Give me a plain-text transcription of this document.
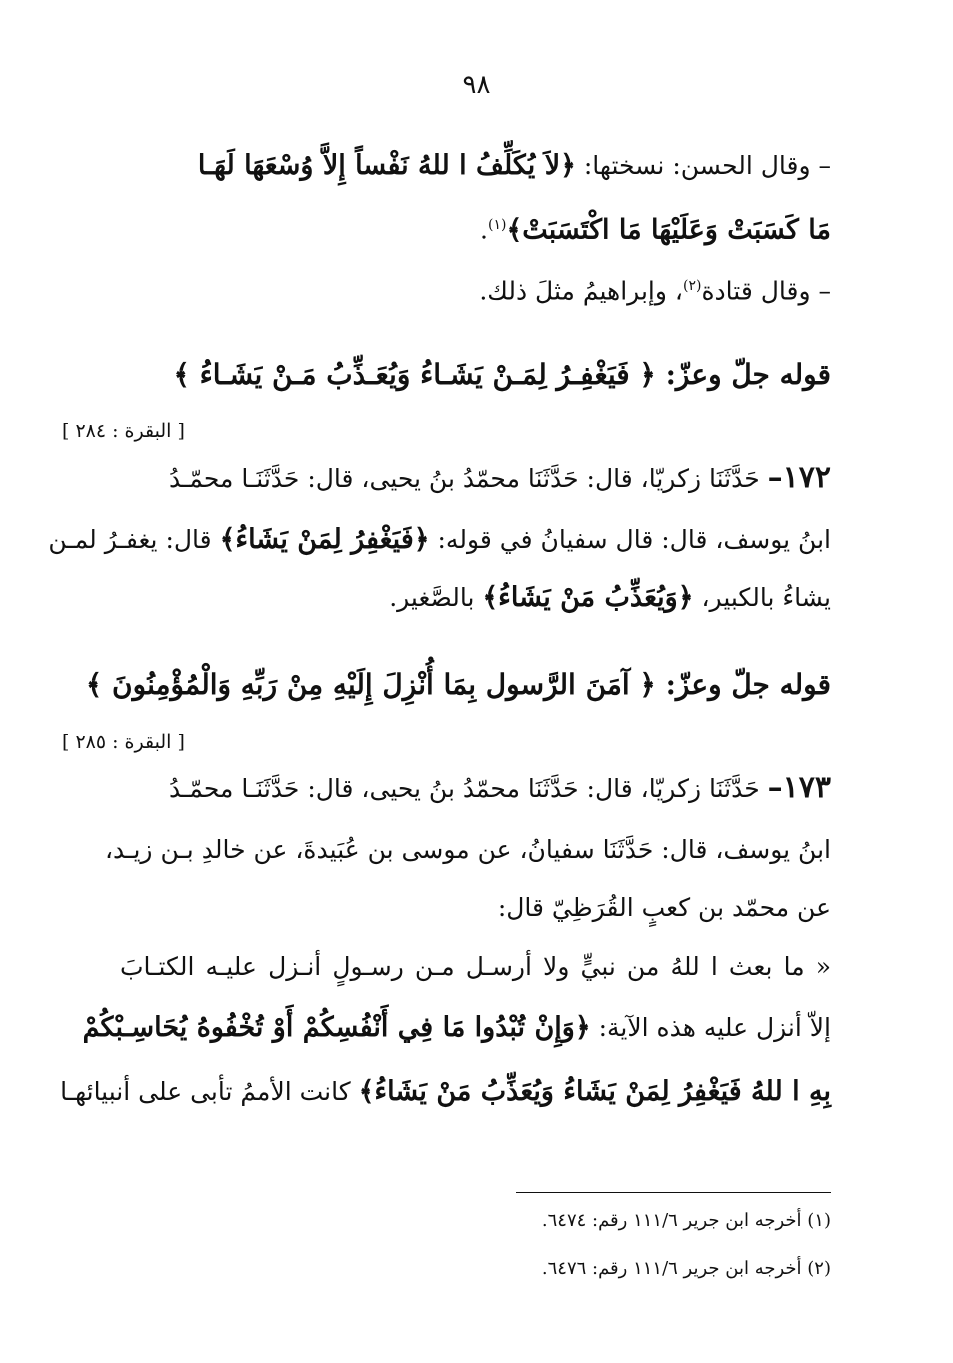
٩٨
– وقال الحسن: نسختها: ﴿لاَ يُكَلِّفُ ا للهُ نَفْساً إِلاَّ وُسْعَهَا لَهَـا
مَا كَسَبَتْ وَعَلَيْهَا مَا اكْتَسَبَتْ﴾$^{(١)}$.
– وقال قتادة$^{(٢)}$، وإبراهيمُ مثلَ ذلك.
قوله جلّ وعزّ: ﴿ فَيَغْفِـرُ لِمَـنْ يَشَـاءُ وَيُعَـذِّبُ مَـنْ يَشَـاءُ ﴾
[ البقرة : ٢٨٤ ]
١٧٢– حَدَّثَنَا زكريّا، قال: حَدَّثَنَا محمّدُ بنُ يحيى، قال: حَدَّثَنَـا محمّـدُ
ابنُ يوسف، قال: قال سفيانُ في قوله: ﴿فَيَغْفِرُ لِمَنْ يَشَاءُ﴾ قال: يغفـرُ لمـن
يشاءُ بالكبير، ﴿وَيُعَذِّبُ مَنْ يَشَاءُ﴾ بالصَّغير.
قوله جلّ وعزّ: ﴿ آمَنَ الرَّسول بِمَا أُنْزِلَ إِلَيْهِ مِنْ رَبِّهِ وَالْمُؤْمِنُونَ ﴾
[ البقرة : ٢٨٥ ]
١٧٣– حَدَّثَنَا زكريّا، قال: حَدَّثَنَا محمّدُ بنُ يحيى، قال: حَدَّثَنَـا محمّـدُ
ابنُ يوسف، قال: حَدَّثَنَا سفيانُ، عن موسى بن عُبَيدةَ، عن خالدِ بـن زيـد،
عن محمّد بن كعبٍ القُرَظِيّ قال:
« ما بعث ا للهُ من نبيٍّ ولا أرسـل مـن رسـولٍ أنـزل عليـه الكتـابَ
إلاّ أنزل عليه هذه الآية: ﴿وَإِنْ تُبْدُوا مَا فِي أَنْفُسِكُمْ أَوْ تُخْفُوهُ يُحَاسِـبْكُمْ
بِهِ ا للهُ فَيَغْفِرُ لِمَنْ يَشَاءُ وَيُعَذِّبُ مَنْ يَشَاءُ﴾ كانت الأممُ تأبى على أنبيائهـا
(١) أخرجه ابن جرير ١١١/٦ رقم: ٦٤٧٤.
(٢) أخرجه ابن جرير ١١١/٦ رقم: ٦٤٧٦.
